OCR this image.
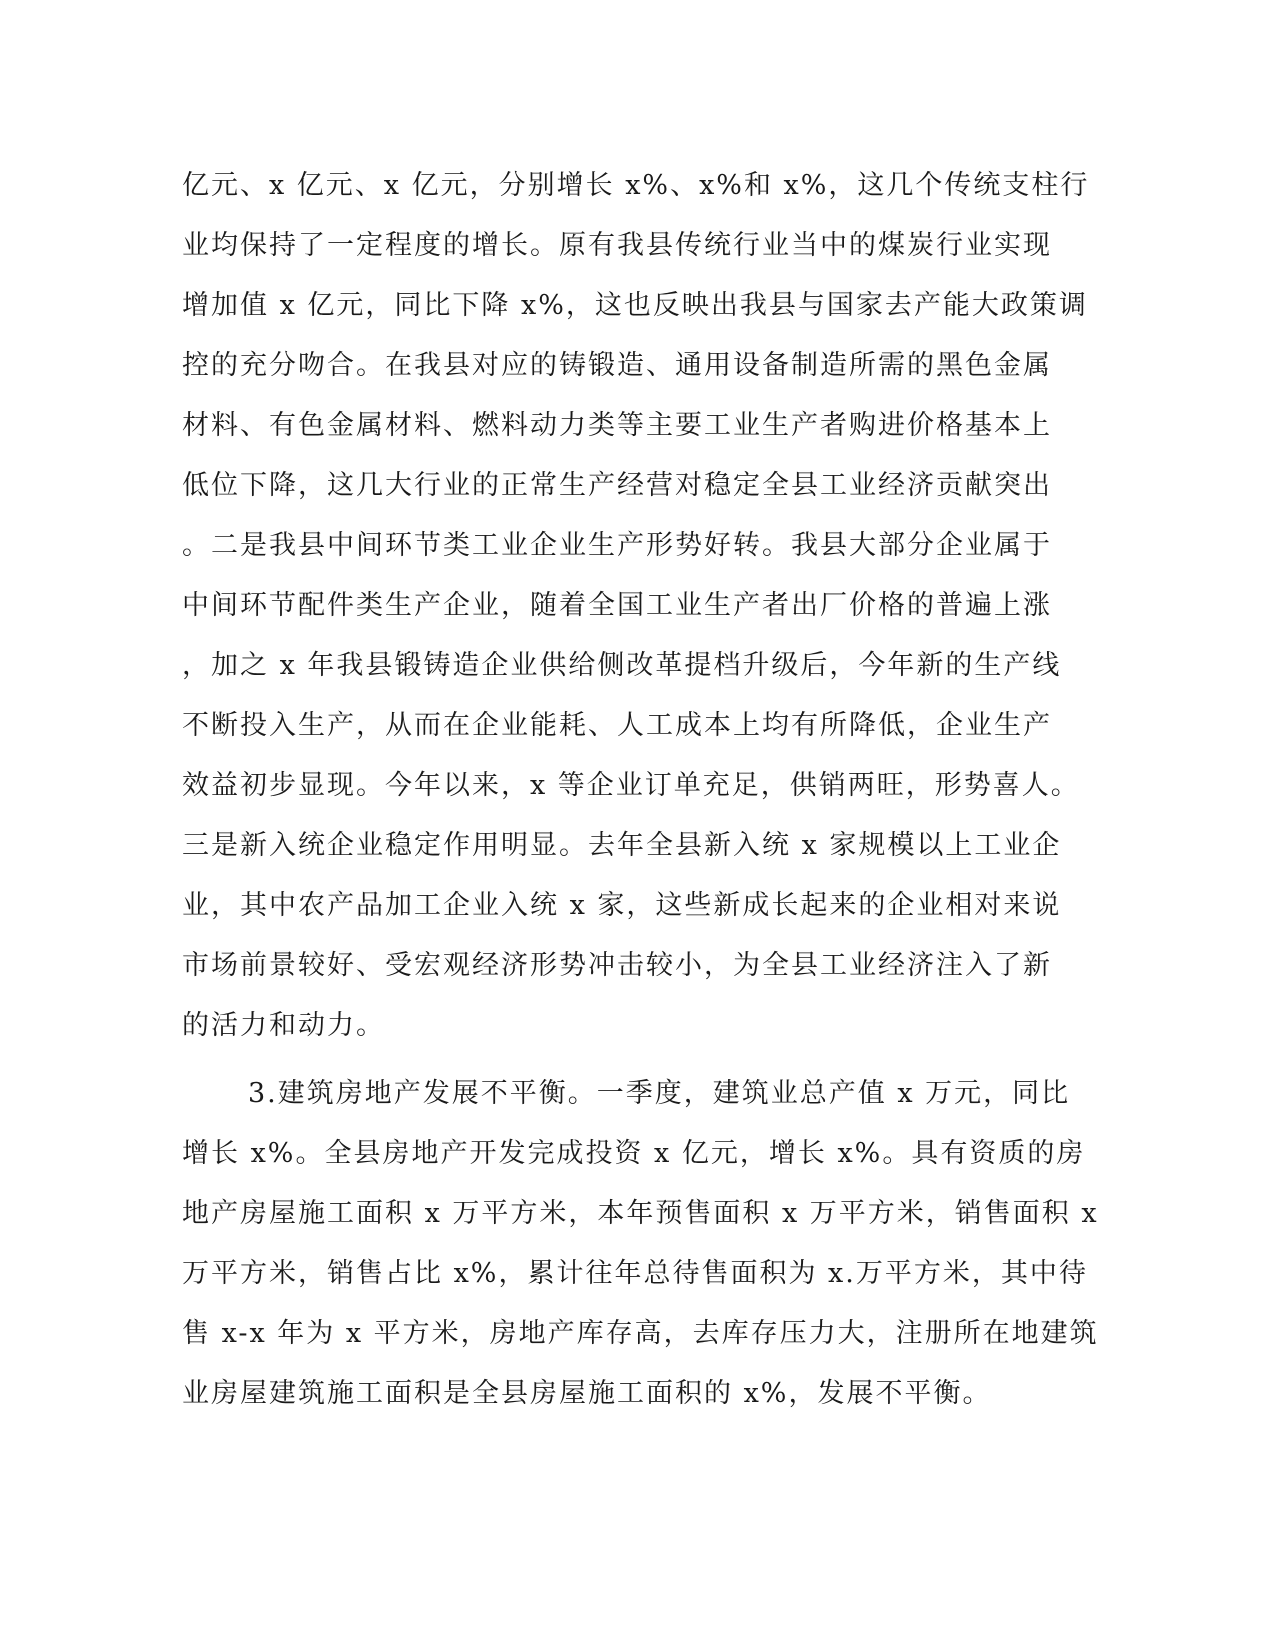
亿元、x 亿元、x 亿元，分别增长 x%、x%和 x%，这几个传统支柱行
业均保持了一定程度的增长。原有我县传统行业当中的煤炭行业实现
增加值 x 亿元，同比下降 x%，这也反映出我县与国家去产能大政策调
控的充分吻合。在我县对应的铸锻造、通用设备制造所需的黑色金属
材料、有色金属材料、燃料动力类等主要工业生产者购进价格基本上
低位下降，这几大行业的正常生产经营对稳定全县工业经济贡献突出
。二是我县中间环节类工业企业生产形势好转。我县大部分企业属于
中间环节配件类生产企业，随着全国工业生产者出厂价格的普遍上涨
，加之 x 年我县锻铸造企业供给侧改革提档升级后，今年新的生产线
不断投入生产，从而在企业能耗、人工成本上均有所降低，企业生产
效益初步显现。今年以来，x 等企业订单充足，供销两旺，形势喜人。
三是新入统企业稳定作用明显。去年全县新入统 x 家规模以上工业企
业，其中农产品加工企业入统 x 家，这些新成长起来的企业相对来说
市场前景较好、受宏观经济形势冲击较小，为全县工业经济注入了新
的活力和动力。
3.建筑房地产发展不平衡。一季度，建筑业总产值 x 万元，同比
增长 x%。全县房地产开发完成投资 x 亿元，增长 x%。具有资质的房
地产房屋施工面积 x 万平方米，本年预售面积 x 万平方米，销售面积 x
万平方米，销售占比 x%，累计往年总待售面积为 x.万平方米，其中待
售 x-x 年为 x 平方米，房地产库存高，去库存压力大，注册所在地建筑
业房屋建筑施工面积是全县房屋施工面积的 x%，发展不平衡。
